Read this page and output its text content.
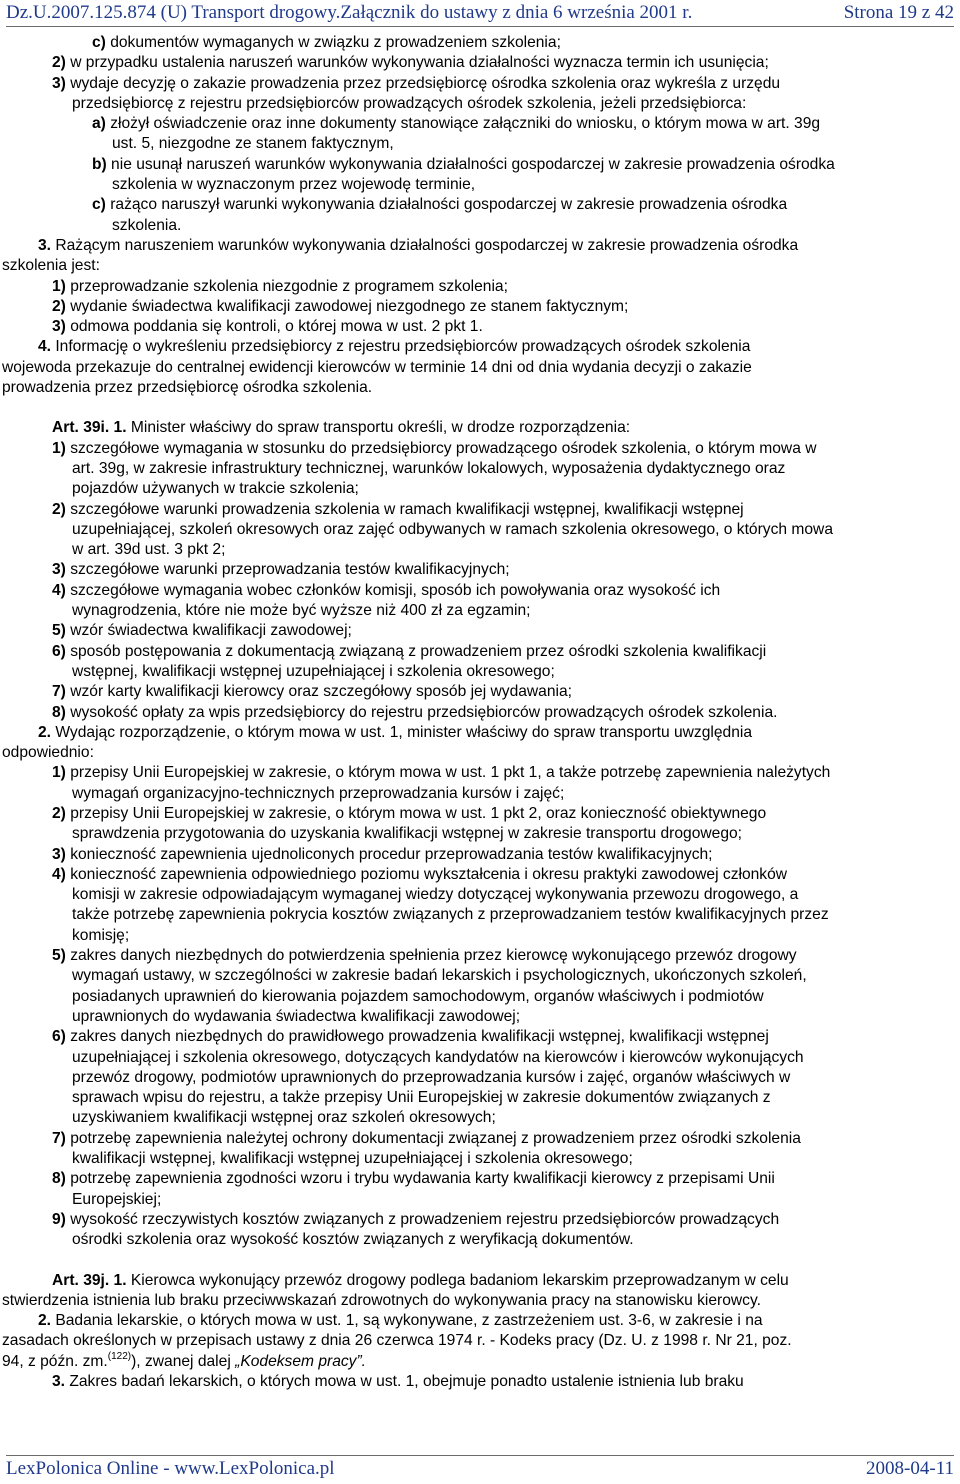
Dz.U.2007.125.874 (U) Transport drogowy.Załącznik do ustawy z dnia 6 września 2001 r.	Strona 19 z 42
c) dokumentów wymaganych w związku z prowadzeniem szkolenia;
2) w przypadku ustalenia naruszeń warunków wykonywania działalności wyznacza termin ich usunięcia;
3) wydaje decyzję o zakazie prowadzenia przez przedsiębiorcę ośrodka szkolenia oraz wykreśla z urzędu
przedsiębiorcę z rejestru przedsiębiorców prowadzących ośrodek szkolenia, jeżeli przedsiębiorca:
a) złożył oświadczenie oraz inne dokumenty stanowiące załączniki do wniosku, o którym mowa w art. 39g
ust. 5, niezgodne ze stanem faktycznym,
b) nie usunął naruszeń warunków wykonywania działalności gospodarczej w zakresie prowadzenia ośrodka
szkolenia w wyznaczonym przez wojewodę terminie,
c) rażąco naruszył warunki wykonywania działalności gospodarczej w zakresie prowadzenia ośrodka
szkolenia.
3. Rażącym naruszeniem warunków wykonywania działalności gospodarczej w zakresie prowadzenia ośrodka
szkolenia jest:
1) przeprowadzanie szkolenia niezgodnie z programem szkolenia;
2) wydanie świadectwa kwalifikacji zawodowej niezgodnego ze stanem faktycznym;
3) odmowa poddania się kontroli, o której mowa w ust. 2 pkt 1.
4. Informację o wykreśleniu przedsiębiorcy z rejestru przedsiębiorców prowadzących ośrodek szkolenia
wojewoda przekazuje do centralnej ewidencji kierowców w terminie 14 dni od dnia wydania decyzji o zakazie
prowadzenia przez przedsiębiorcę ośrodka szkolenia.
Art. 39i. 1. Minister właściwy do spraw transportu określi, w drodze rozporządzenia:
1) szczegółowe wymagania w stosunku do przedsiębiorcy prowadzącego ośrodek szkolenia, o którym mowa w
art. 39g, w zakresie infrastruktury technicznej, warunków lokalowych, wyposażenia dydaktycznego oraz
pojazdów używanych w trakcie szkolenia;
2) szczegółowe warunki prowadzenia szkolenia w ramach kwalifikacji wstępnej, kwalifikacji wstępnej
uzupełniającej, szkoleń okresowych oraz zajęć odbywanych w ramach szkolenia okresowego, o których mowa
w art. 39d ust. 3 pkt 2;
3) szczegółowe warunki przeprowadzania testów kwalifikacyjnych;
4) szczegółowe wymagania wobec członków komisji, sposób ich powoływania oraz wysokość ich
wynagrodzenia, które nie może być wyższe niż 400 zł za egzamin;
5) wzór świadectwa kwalifikacji zawodowej;
6) sposób postępowania z dokumentacją związaną z prowadzeniem przez ośrodki szkolenia kwalifikacji
wstępnej, kwalifikacji wstępnej uzupełniającej i szkolenia okresowego;
7) wzór karty kwalifikacji kierowcy oraz szczegółowy sposób jej wydawania;
8) wysokość opłaty za wpis przedsiębiorcy do rejestru przedsiębiorców prowadzących ośrodek szkolenia.
2. Wydając rozporządzenie, o którym mowa w ust. 1, minister właściwy do spraw transportu uwzględnia
odpowiednio:
1) przepisy Unii Europejskiej w zakresie, o którym mowa w ust. 1 pkt 1, a także potrzebę zapewnienia należytych
wymagań organizacyjno-technicznych przeprowadzania kursów i zajęć;
2) przepisy Unii Europejskiej w zakresie, o którym mowa w ust. 1 pkt 2, oraz konieczność obiektywnego
sprawdzenia przygotowania do uzyskania kwalifikacji wstępnej w zakresie transportu drogowego;
3) konieczność zapewnienia ujednoliconych procedur przeprowadzania testów kwalifikacyjnych;
4) konieczność zapewnienia odpowiedniego poziomu wykształcenia i okresu praktyki zawodowej członków
komisji w zakresie odpowiadającym wymaganej wiedzy dotyczącej wykonywania przewozu drogowego, a
także potrzebę zapewnienia pokrycia kosztów związanych z przeprowadzaniem testów kwalifikacyjnych przez
komisję;
5) zakres danych niezbędnych do potwierdzenia spełnienia przez kierowcę wykonującego przewóz drogowy
wymagań ustawy, w szczególności w zakresie badań lekarskich i psychologicznych, ukończonych szkoleń,
posiadanych uprawnień do kierowania pojazdem samochodowym, organów właściwych i podmiotów
uprawnionych do wydawania świadectwa kwalifikacji zawodowej;
6) zakres danych niezbędnych do prawidłowego prowadzenia kwalifikacji wstępnej, kwalifikacji wstępnej
uzupełniającej i szkolenia okresowego, dotyczących kandydatów na kierowców i kierowców wykonujących
przewóz drogowy, podmiotów uprawnionych do przeprowadzania kursów i zajęć, organów właściwych w
sprawach wpisu do rejestru, a także przepisy Unii Europejskiej w zakresie dokumentów związanych z
uzyskiwaniem kwalifikacji wstępnej oraz szkoleń okresowych;
7) potrzebę zapewnienia należytej ochrony dokumentacji związanej z prowadzeniem przez ośrodki szkolenia
kwalifikacji wstępnej, kwalifikacji wstępnej uzupełniającej i szkolenia okresowego;
8) potrzebę zapewnienia zgodności wzoru i trybu wydawania karty kwalifikacji kierowcy z przepisami Unii
Europejskiej;
9) wysokość rzeczywistych kosztów związanych z prowadzeniem rejestru przedsiębiorców prowadzących
ośrodki szkolenia oraz wysokość kosztów związanych z weryfikacją dokumentów.
Art. 39j. 1. Kierowca wykonujący przewóz drogowy podlega badaniom lekarskim przeprowadzanym w celu
stwierdzenia istnienia lub braku przeciwwskazań zdrowotnych do wykonywania pracy na stanowisku kierowcy.
2. Badania lekarskie, o których mowa w ust. 1, są wykonywane, z zastrzeżeniem ust. 3-6, w zakresie i na
zasadach określonych w przepisach ustawy z dnia 26 czerwca 1974 r. - Kodeks pracy (Dz. U. z 1998 r. Nr 21, poz.
94, z późn. zm.$^{(122)}$), zwanej dalej „Kodeksem pracy”.
3. Zakres badań lekarskich, o których mowa w ust. 1, obejmuje ponadto ustalenie istnienia lub braku
LexPolonica Online - www.LexPolonica.pl	2008-04-11
